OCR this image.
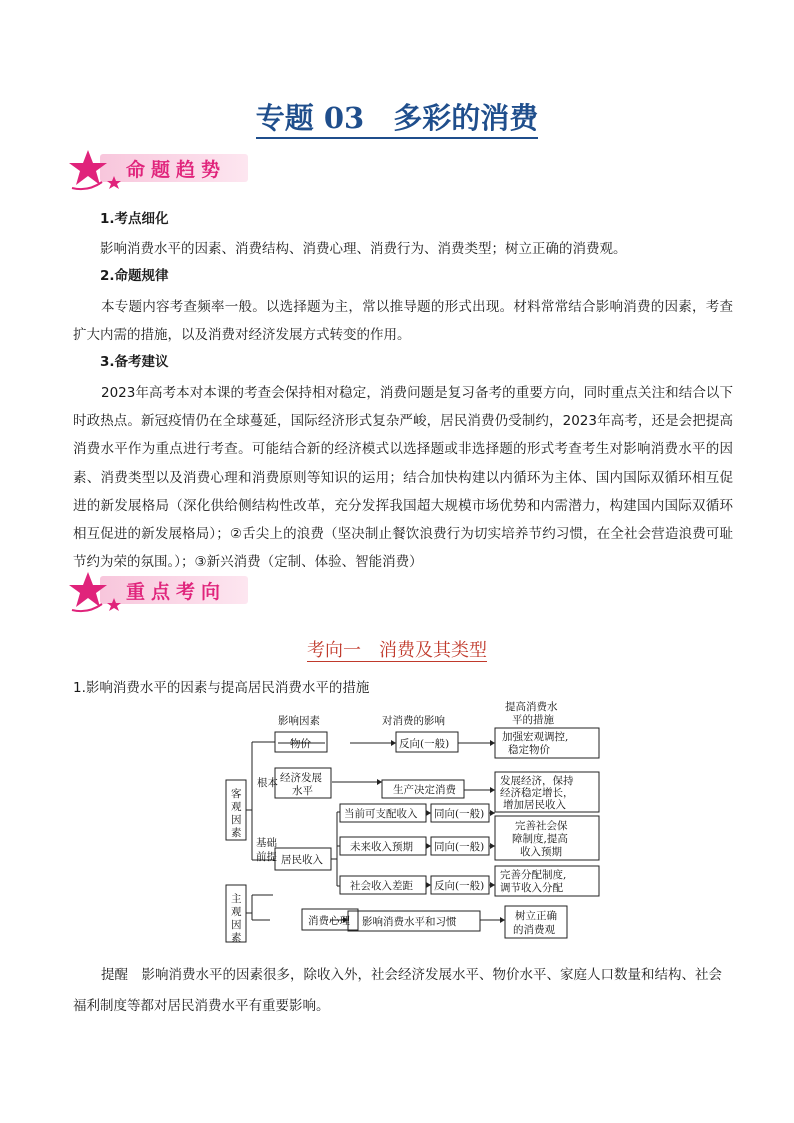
专题 03　多彩的消费
命题趋势
1.考点细化
影响消费水平的因素、消费结构、消费心理、消费行为、消费类型；树立正确的消费观。
2.命题规律

本专题内容考查频率一般。以选择题为主，常以推导题的形式出现。材料常常结合影响消费的因素，考查扩大内需的措施，以及消费对经济发展方式转变的作用。

3.备考建议

2023年高考本对本课的考查会保持相对稳定，消费问题是复习备考的重要方向，同时重点关注和结合以下时政热点。新冠疫情仍在全球蔓延，国际经济形式复杂严峻，居民消费仍受制约，2023年高考，还是会把提高消费水平作为重点进行考查。可能结合新的经济模式以选择题或非选择题的形式考查考生对影响消费水平的因素、消费类型以及消费心理和消费原则等知识的运用；结合加快构建以内循环为主体、国内国际双循环相互促进的新发展格局（深化供给侧结构性改革，充分发挥我国超大规模市场优势和内需潜力，构建国内国际双循环相互促进的新发展格局）；②舌尖上的浪费（坚决制止餐饮浪费行为切实培养节约习惯，在全社会营造浪费可耻节约为荣的氛围。）；③新兴消费（定制、体验、智能消费）

重点考向
考向一　消费及其类型
1.影响消费水平的因素与提高居民消费水平的措施
影响因素	对消费的影响
提高消费水
平的措施
客
观
因
素
主
观
因
素
根本
基础
前提
物价
经济发展
水平
居民收入
消费心理
当前可支配收入
未来收入预期
社会收入差距
反向(一般)
生产决定消费
同向(一般)
同向(一般)
反向(一般)
影响消费水平和习惯
加强宏观调控,
稳定物价
发展经济，保持
经济稳定增长，
增加居民收入
完善社会保
障制度,提高
收入预期
完善分配制度,
调节收入分配
树立正确
的消费观

提醒　影响消费水平的因素很多，除收入外，社会经济发展水平、物价水平、家庭人口数量和结构、社会福利制度等都对居民消费水平有重要影响。
